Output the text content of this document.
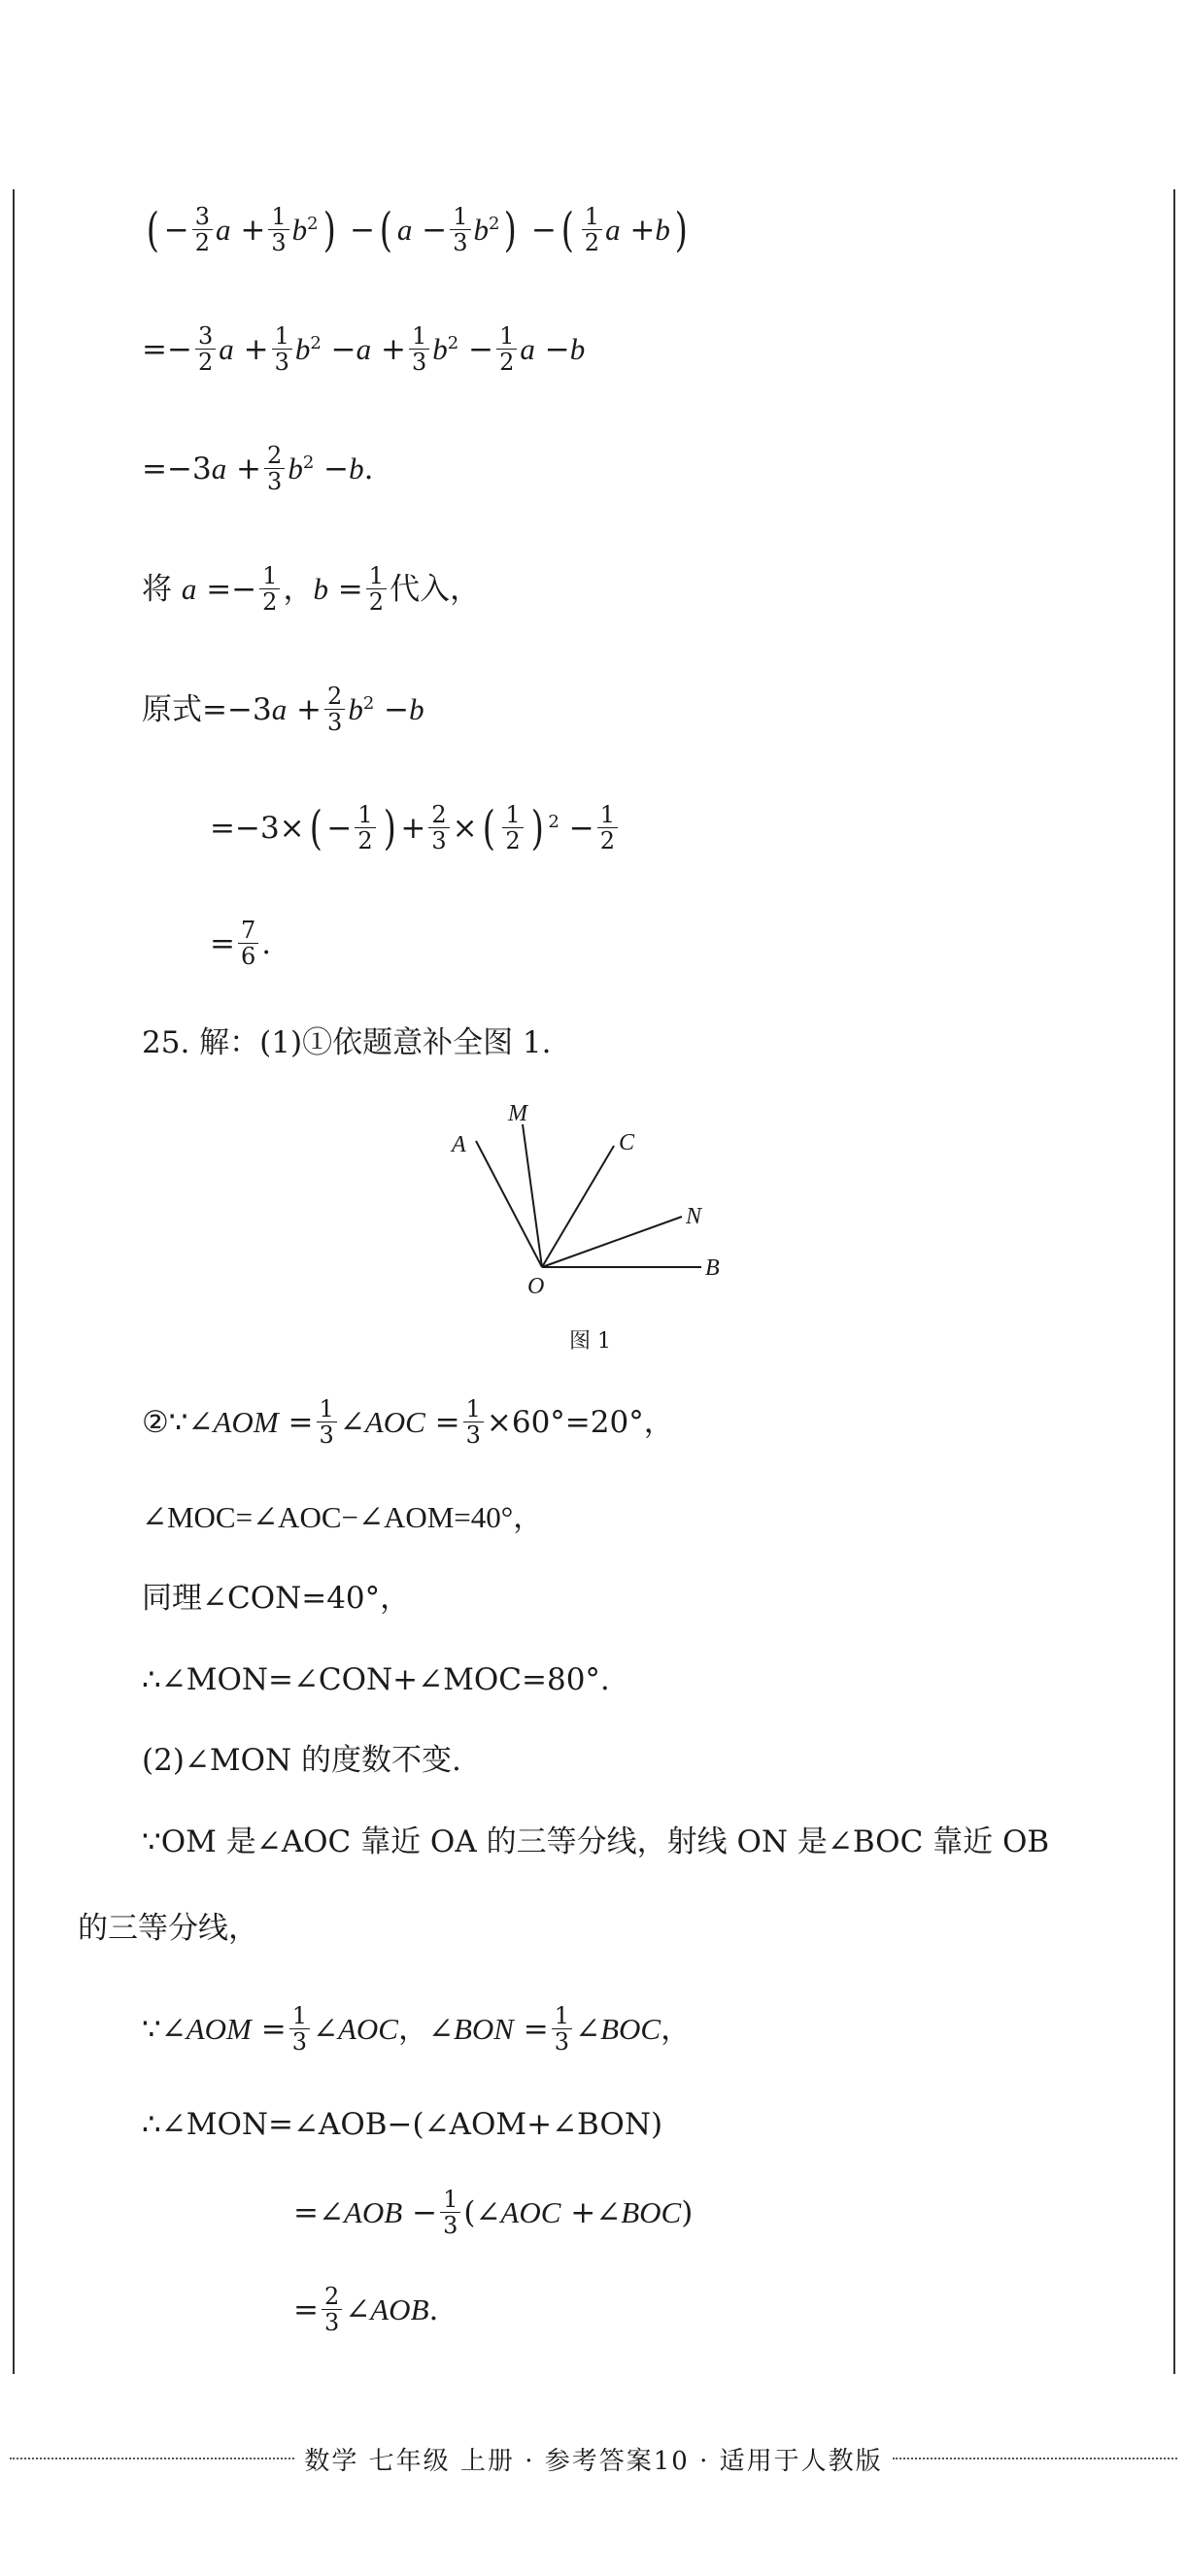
( − $\frac{3}{2}$ $a + \frac{1}{3} b^2$ ) − ( $a - \frac{1}{3} b^2$ ) − ( $\frac{1}{2}$ a + b )
=− $\frac{3}{2}$ $a + \frac{1}{3} b^2 - a + \frac{1}{3} b^2 - \frac{1}{2}$ a − b
=−3 $a + \frac{2}{3} b^2 - b$ .
将
$a =- \frac{1}{2}$ ， $b = \frac{1}{2}$ 代入，
原式 =−3 $a + \frac{2}{3} b^2 - b$
=−3× ( − $\frac{1}{2}$ ) + $\frac{2}{3}$ × ( $\frac{1}{2}$ ) $^2 - \frac{1}{2}$
= $\frac{7}{6}$ .
25. 解：(1)①依题意补全图 1.
A
M
C
N
O
B
图 1
②∵∠ AOM = $\frac{1}{3}$ ∠ AOC = $\frac{1}{3} \times 60^\circ=20^\circ$，
∠MOC=∠AOC−∠AOM=40°，
同理∠CON=40°，
∴∠MON=∠CON+∠MOC=80°.
(2)∠MON 的度数不变.
∵OM 是∠AOC 靠近 OA 的三等分线，射线 ON 是∠BOC 靠近 OB
的三等分线，
∵∠ AOM = $\frac{1}{3}$ ∠ AOC ，∠ BON = $\frac{1}{3}$ ∠ BOC ，
∴∠MON=∠AOB−(∠AOM+∠BON)
=∠ AOB − $\frac{1}{3}$ (∠ AOC +∠ BOC )
= $\frac{2}{3}$ ∠ AOB .
数学 七年级 上册 · 参考答案10 · 适用于人教版
